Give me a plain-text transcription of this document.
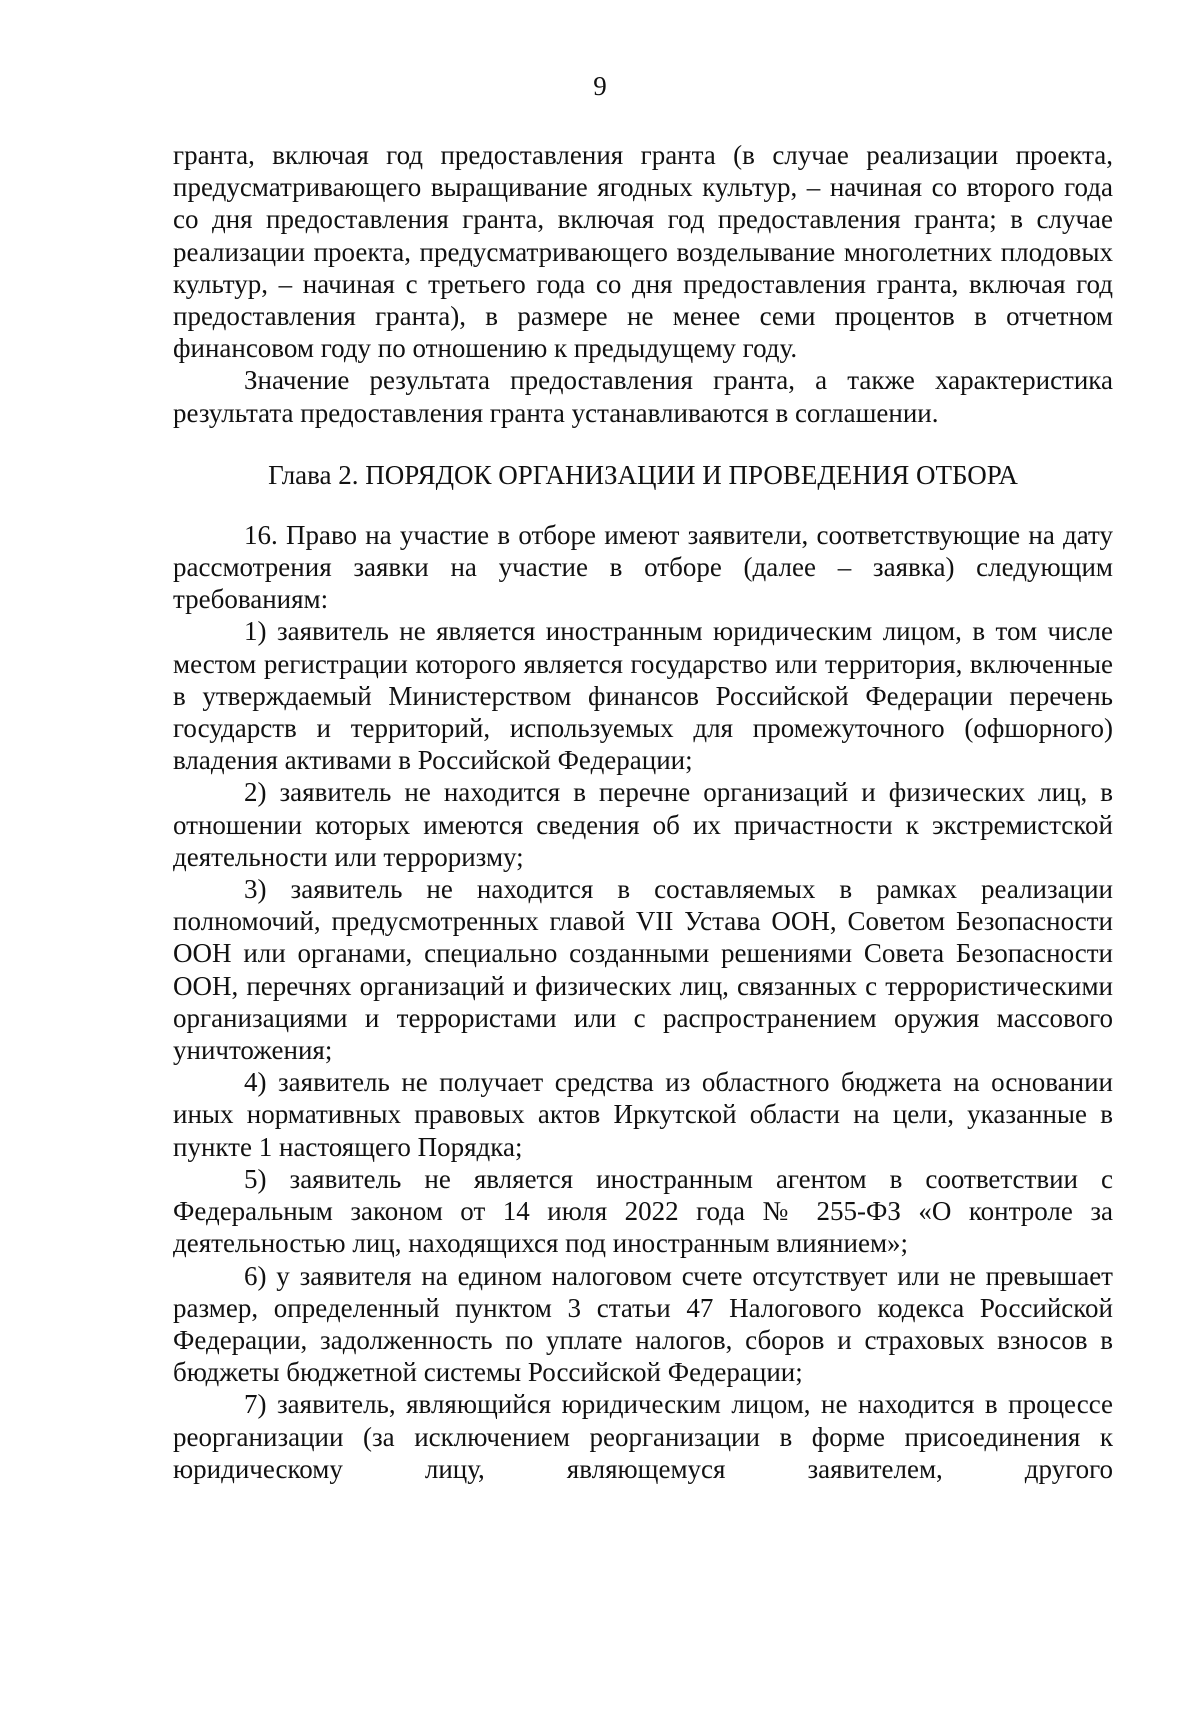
9

гранта, включая год предоставления гранта (в случае реализации проекта, предусматривающего выращивание ягодных культур, – начиная со второго года со дня предоставления гранта, включая год предоставления гранта; в случае реализации проекта, предусматривающего возделывание многолетних плодовых культур, – начиная с третьего года со дня предоставления гранта, включая год предоставления гранта), в размере не менее семи процентов в отчетном финансовом году по отношению к предыдущему году.

Значение результата предоставления гранта, а также характеристика результата предоставления гранта устанавливаются в соглашении.

Глава 2. ПОРЯДОК ОРГАНИЗАЦИИ И ПРОВЕДЕНИЯ ОТБОРА

16. Право на участие в отборе имеют заявители, соответствующие на дату рассмотрения заявки на участие в отборе (далее – заявка) следующим требованиям:

1) заявитель не является иностранным юридическим лицом, в том числе местом регистрации которого является государство или территория, включенные в утверждаемый Министерством финансов Российской Федерации перечень государств и территорий, используемых для промежуточного (офшорного) владения активами в Российской Федерации;

2) заявитель не находится в перечне организаций и физических лиц, в отношении которых имеются сведения об их причастности к экстремистской деятельности или терроризму;

3) заявитель не находится в составляемых в рамках реализации полномочий, предусмотренных главой VII Устава ООН, Советом Безопасности ООН или органами, специально созданными решениями Совета Безопасности ООН, перечнях организаций и физических лиц, связанных с террористическими организациями и террористами или с распространением оружия массового уничтожения;

4) заявитель не получает средства из областного бюджета на основании иных нормативных правовых актов Иркутской области на цели, указанные в пункте 1 настоящего Порядка;

5) заявитель не является иностранным агентом в соответствии с Федеральным законом от 14 июля 2022 года № 255-ФЗ «О контроле за деятельностью лиц, находящихся под иностранным влиянием»;

6) у заявителя на едином налоговом счете отсутствует или не превышает размер, определенный пунктом 3 статьи 47 Налогового кодекса Российской Федерации, задолженность по уплате налогов, сборов и страховых взносов в бюджеты бюджетной системы Российской Федерации;

7) заявитель, являющийся юридическим лицом, не находится в процессе реорганизации (за исключением реорганизации в форме присоединения к юридическому лицу, являющемуся заявителем, другого
